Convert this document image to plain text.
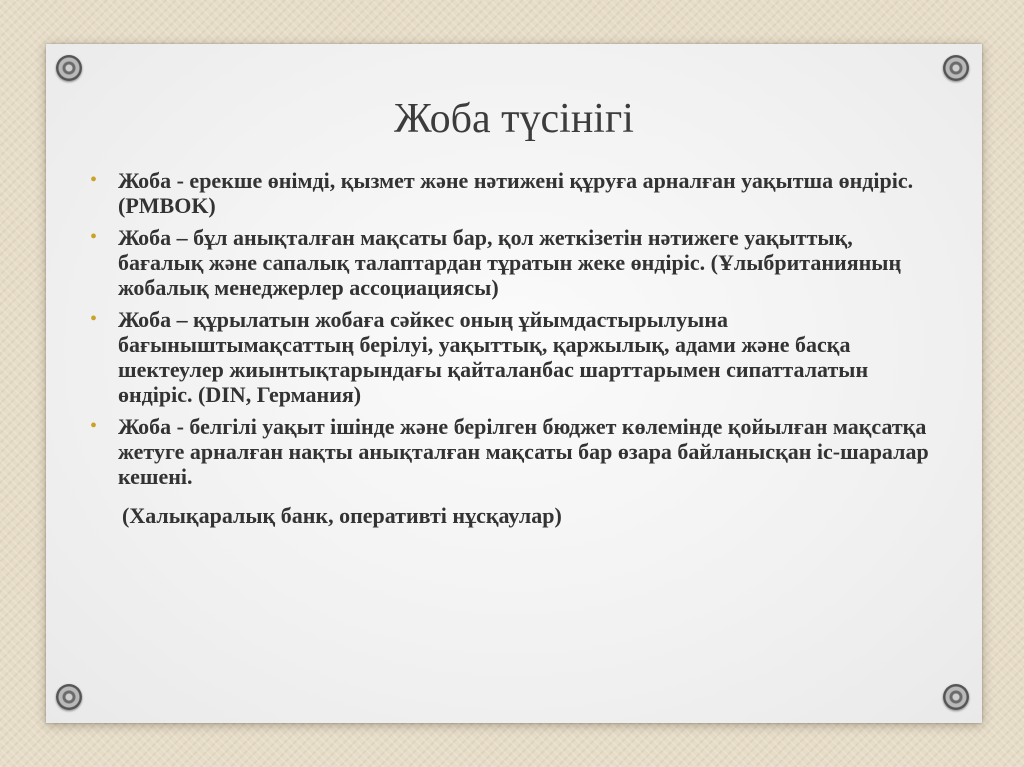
Жоба түсінігі
• Жоба - ерекше өнімді, қызмет және нәтижені құруға арналған уақытша өндіріс. (PMBOK)
• Жоба – бұл анықталған мақсаты бар, қол жеткізетін нәтижеге уақыттық, бағалық және сапалық талаптардан тұратын жеке өндіріс. (Ұлыбританияның жобалық менеджерлер ассоциациясы)
• Жоба – құрылатын жобаға сәйкес оның ұйымдастырылуына бағыныштымақсаттың берілуі, уақыттық, қаржылық, адами және басқа шектеулер жиынтықтарындағы қайталанбас шарттарымен сипатталатын өндіріс. (DIN, Германия)
• Жоба - белгілі уақыт ішінде және берілген бюджет көлемінде қойылған мақсатқа жетуге арналған нақты анықталған мақсаты бар өзара байланысқан іс-шаралар кешені.
(Халықаралық банк, оперативті нұсқаулар)
